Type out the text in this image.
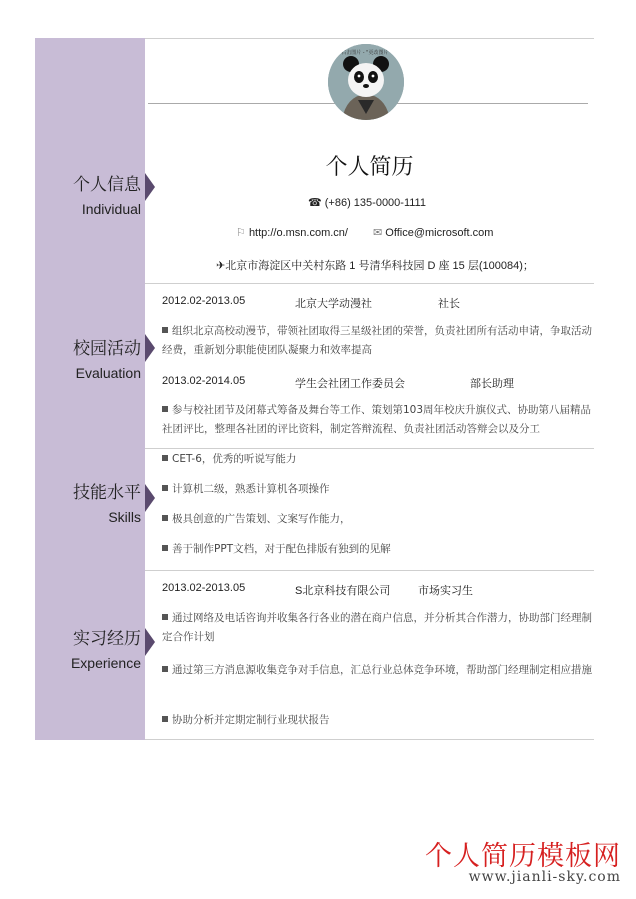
个人信息
Individual
校园活动
Evaluation
技能水平
Skills
实习经历
Experience
右击图片 - "更改图片"
个人简历
☎ (+86) 135-0000-1111
⚐ http://o.msn.com.cn/ ✉ Office@microsoft.com
✈北京市海淀区中关村东路 1 号清华科技园 D 座 15 层(100084)；
2012.02-2013.05	北京大学动漫社	社长
组织北京高校动漫节，带领社团取得三星级社团的荣誉，负责社团所有活动申请，争取活动经费，重新划分职能使团队凝聚力和效率提高
2013.02-2014.05	学生会社团工作委员会	部长助理
参与校社团节及闭幕式筹备及舞台等工作、策划第103周年校庆升旗仪式、协助第八届精品社团评比，整理各社团的评比资料，制定答辩流程、负责社团活动答辩会以及分工
CET-6，优秀的听说写能力
计算机二级，熟悉计算机各项操作
极具创意的广告策划、文案写作能力，
善于制作PPT文档，对于配色排版有独到的见解
2013.02-2013.05	S北京科技有限公司	市场实习生
通过网络及电话咨询并收集各行各业的潜在商户信息，并分析其合作潜力，协助部门经理制定合作计划
通过第三方消息源收集竞争对手信息，汇总行业总体竞争环境，帮助部门经理制定相应措施
协助分析并定期定制行业现状报告
个人简历模板网
www.jianli-sky.com
